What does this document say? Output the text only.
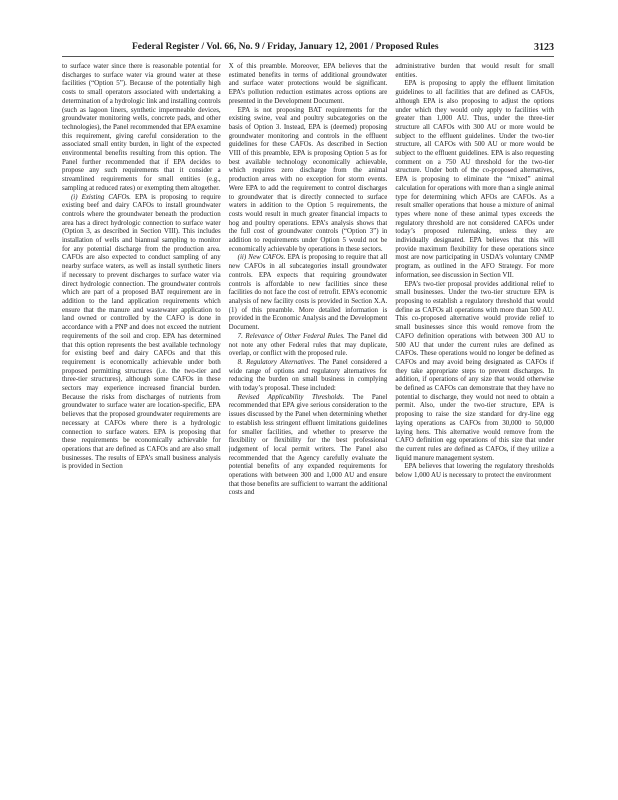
Federal Register / Vol. 66, No. 9 / Friday, January 12, 2001 / Proposed Rules	3123

to surface water since there is reasonable potential for discharges to surface water via ground water at these facilities (“Option 5”). Because of the potentially high costs to small operators associated with undertaking a determination of a hydrologic link and installing controls (such as lagoon liners, synthetic impermeable devices, groundwater monitoring wells, concrete pads, and other technologies), the Panel recommended that EPA examine this requirement, giving careful consideration to the associated small entity burden, in light of the expected environmental benefits resulting from this option. The Panel further recommended that if EPA decides to propose any such requirements that it consider a streamlined requirements for small entities (e.g., sampling at reduced rates) or exempting them altogether.

(i) Existing CAFOs. EPA is proposing to require existing beef and dairy CAFOs to install groundwater controls where the groundwater beneath the production area has a direct hydrologic connection to surface water (Option 3, as described in Section VIII). This includes installation of wells and biannual sampling to monitor for any potential discharge from the production area. CAFOs are also expected to conduct sampling of any nearby surface waters, as well as install synthetic liners if necessary to prevent discharges to surface water via direct hydrologic connection. The groundwater controls which are part of a proposed BAT requirement are in addition to the land application requirements which ensure that the manure and wastewater application to land owned or controlled by the CAFO is done in accordance with a PNP and does not exceed the nutrient requirements of the soil and crop. EPA has determined that this option represents the best available technology for existing beef and dairy CAFOs and that this requirement is economically achievable under both proposed permitting structures (i.e. the two-tier and three-tier structures), although some CAFOs in these sectors may experience increased financial burden. Because the risks from discharges of nutrients from groundwater to surface water are location-specific, EPA believes that the proposed groundwater requirements are necessary at CAFOs where there is a hydrologic connection to surface waters. EPA is proposing that these requirements be economically achievable for operations that are defined as CAFOs and are also small businesses. The results of EPA’s small business analysis is provided in Section

X of this preamble. Moreover, EPA believes that the estimated benefits in terms of additional groundwater and surface water protections would be significant. EPA’s pollution reduction estimates across options are presented in the Development Document.

EPA is not proposing BAT requirements for the existing swine, veal and poultry subcategories on the basis of Option 3. Instead, EPA is (deemed) proposing groundwater monitoring and controls in the effluent guidelines for these CAFOs. As described in Section VIII of this preamble, EPA is proposing Option 5 as for best available technology economically achievable, which requires zero discharge from the animal production areas with no exception for storm events. Were EPA to add the requirement to control discharges to groundwater that is directly connected to surface waters in addition to the Option 5 requirements, the costs would result in much greater financial impacts to hog and poultry operations. EPA’s analysis shows that the full cost of groundwater controls (“Option 3”) in addition to requirements under Option 5 would not be economically achievable by operations in these sectors.

(ii) New CAFOs. EPA is proposing to require that all new CAFOs in all subcategories install groundwater controls. EPA expects that requiring groundwater controls is affordable to new facilities since these facilities do not face the cost of retrofit. EPA’s economic analysis of new facility costs is provided in Section X.A.(1) of this preamble. More detailed information is provided in the Economic Analysis and the Development Document.

7. Relevance of Other Federal Rules. The Panel did not note any other Federal rules that may duplicate, overlap, or conflict with the proposed rule.

8. Regulatory Alternatives. The Panel considered a wide range of options and regulatory alternatives for reducing the burden on small business in complying with today’s proposal. These included:

Revised Applicability Thresholds. The Panel recommended that EPA give serious consideration to the issues discussed by the Panel when determining whether to establish less stringent effluent limitations guidelines for smaller facilities, and whether to preserve the flexibility or flexibility for the best professional judgement of local permit writers. The Panel also recommended that the Agency carefully evaluate the potential benefits of any expanded requirements for operations with between 300 and 1,000 AU and ensure that those benefits are sufficient to warrant the additional costs and

administrative burden that would result for small entities.

EPA is proposing to apply the effluent limitation guidelines to all facilities that are defined as CAFOs, although EPA is also proposing to adjust the options under which they would only apply to facilities with greater than 1,000 AU. Thus, under the three-tier structure all CAFOs with 300 AU or more would be subject to the effluent guidelines. Under the two-tier structure, all CAFOs with 500 AU or more would be subject to the effluent guidelines. EPA is also requesting comment on a 750 AU threshold for the two-tier structure. Under both of the co-proposed alternatives, EPA is proposing to eliminate the “mixed” animal calculation for operations with more than a single animal type for determining which AFOs are CAFOs. As a result smaller operations that house a mixture of animal types where none of these animal types exceeds the regulatory threshold are not considered CAFOs under today’s proposed rulemaking, unless they are individually designated. EPA believes that this will provide maximum flexibility for these operations since most are now participating in USDA’s voluntary CNMP program, as outlined in the AFO Strategy. For more information, see discussion in Section VII.

EPA’s two-tier proposal provides additional relief to small businesses. Under the two-tier structure EPA is proposing to establish a regulatory threshold that would define as CAFOs all operations with more than 500 AU. This co-proposed alternative would provide relief to small businesses since this would remove from the CAFO definition operations with between 300 AU to 500 AU that under the current rules are defined as CAFOs. These operations would no longer be defined as CAFOs and may avoid being designated as CAFOs if they take appropriate steps to prevent discharges. In addition, if operations of any size that would otherwise be defined as CAFOs can demonstrate that they have no potential to discharge, they would not need to obtain a permit. Also, under the two-tier structure, EPA is proposing to raise the size standard for dry-line egg laying operations as CAFOs from 30,000 to 50,000 laying hens. This alternative would remove from the CAFO definition egg operations of this size that under the current rules are defined as CAFOs, if they utilize a liquid manure management system.

EPA believes that lowering the regulatory thresholds below 1,000 AU is necessary to protect the environment
